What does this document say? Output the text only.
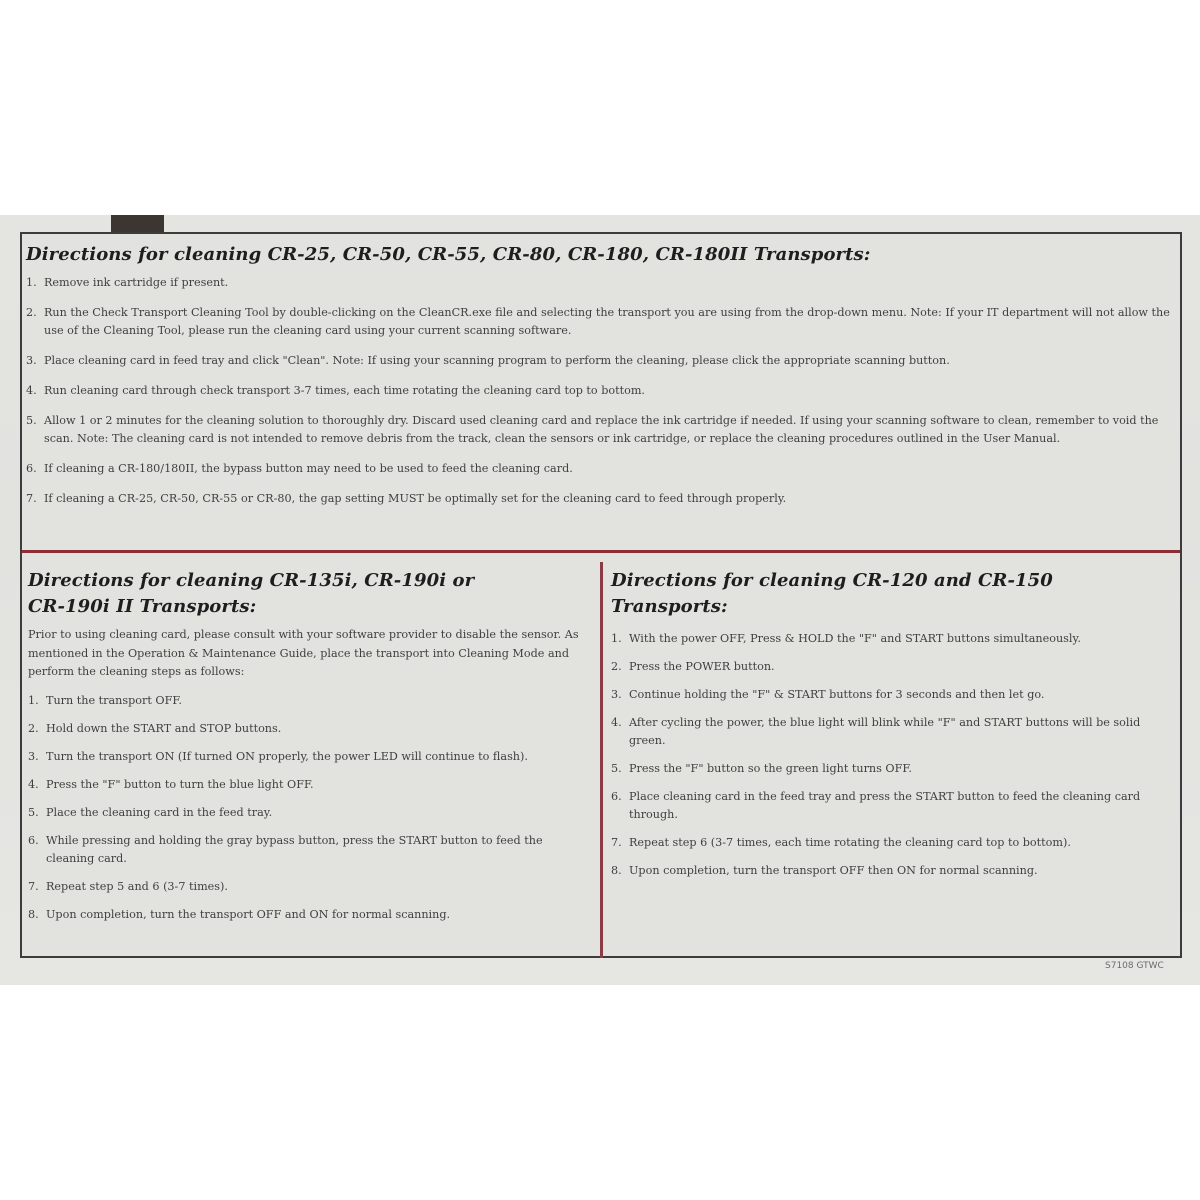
Directions for cleaning CR-25, CR-50, CR-55, CR-80, CR-180, CR-180II Transports:
1. Remove ink cartridge if present.
2. Run the Check Transport Cleaning Tool by double-clicking on the CleanCR.exe file and selecting the transport you are using from the drop-down menu. Note: If your IT department will not allow the use of the Cleaning Tool, please run the cleaning card using your current scanning software.
3. Place cleaning card in feed tray and click "Clean". Note: If using your scanning program to perform the cleaning, please click the appropriate scanning button.
4. Run cleaning card through check transport 3-7 times, each time rotating the cleaning card top to bottom.
5. Allow 1 or 2 minutes for the cleaning solution to thoroughly dry. Discard used cleaning card and replace the ink cartridge if needed. If using your scanning software to clean, remember to void the scan. Note: The cleaning card is not intended to remove debris from the track, clean the sensors or ink cartridge, or replace the cleaning procedures outlined in the User Manual.
6. If cleaning a CR-180/180II, the bypass button may need to be used to feed the cleaning card.
7. If cleaning a CR-25, CR-50, CR-55 or CR-80, the gap setting MUST be optimally set for the cleaning card to feed through properly.
Directions for cleaning CR-135i, CR-190i or
CR-190i II Transports:

Prior to using cleaning card, please consult with your software provider to disable the sensor. As mentioned in the Operation & Maintenance Guide, place the transport into Cleaning Mode and perform the cleaning steps as follows:

1. Turn the transport OFF.
2. Hold down the START and STOP buttons.
3. Turn the transport ON (If turned ON properly, the power LED will continue to flash).
4. Press the "F" button to turn the blue light OFF.
5. Place the cleaning card in the feed tray.
6. While pressing and holding the gray bypass button, press the START button to feed the cleaning card.
7. Repeat step 5 and 6 (3-7 times).
8. Upon completion, turn the transport OFF and ON for normal scanning.
Directions for cleaning CR-120 and CR-150
Transports:
1. With the power OFF, Press & HOLD the "F" and START buttons simultaneously.
2. Press the POWER button.
3. Continue holding the "F" & START buttons for 3 seconds and then let go.
4. After cycling the power, the blue light will blink while "F" and START buttons will be solid green.
5. Press the "F" button so the green light turns OFF.
6. Place cleaning card in the feed tray and press the START button to feed the cleaning card through.
7. Repeat step 6 (3-7 times, each time rotating the cleaning card top to bottom).
8. Upon completion, turn the transport OFF then ON for normal scanning.
S7108 GTWC
